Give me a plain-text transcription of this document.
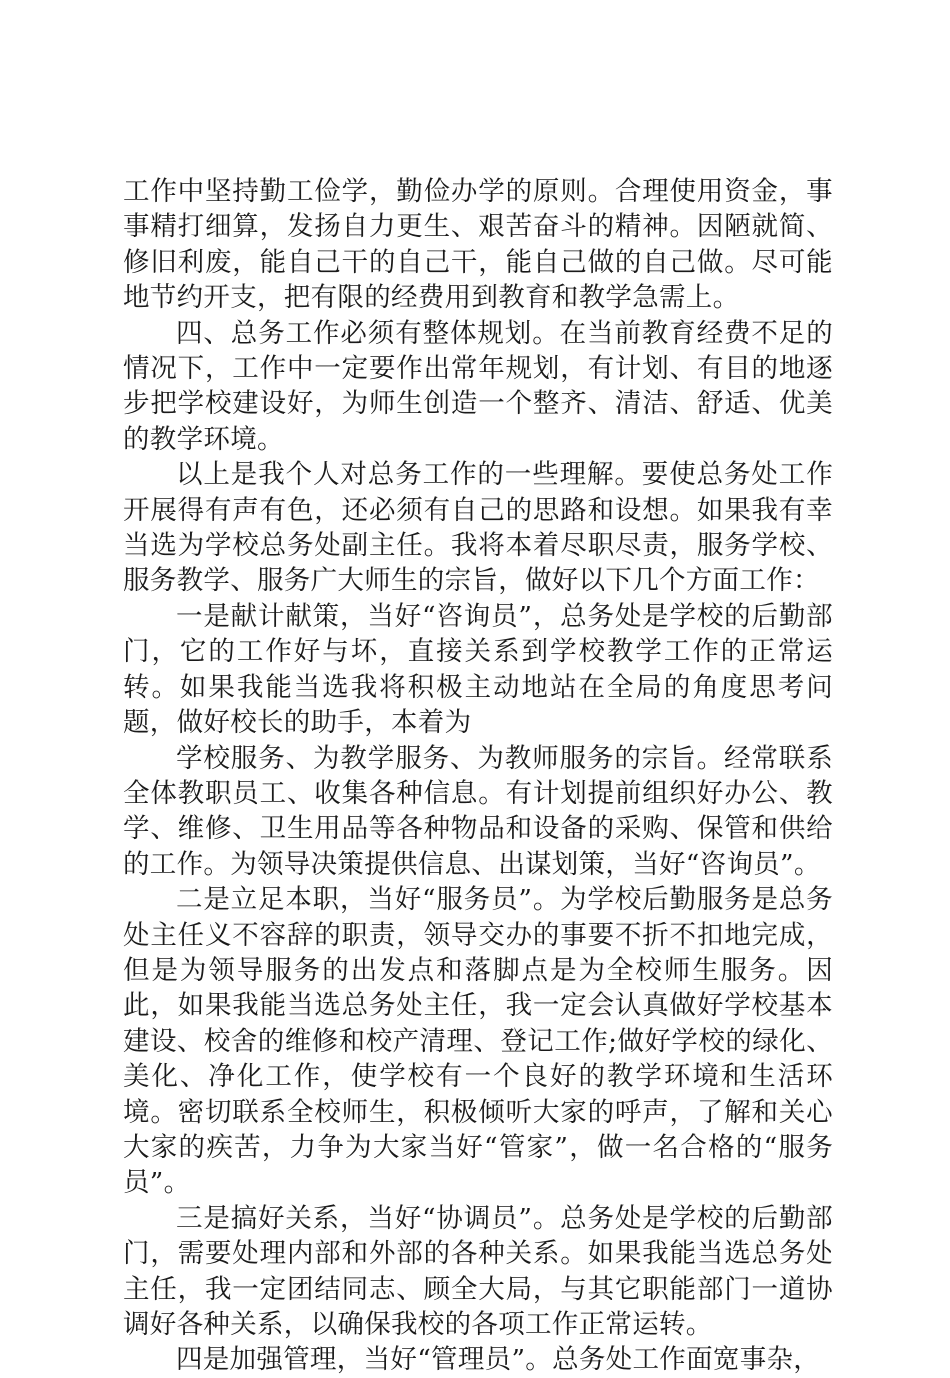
工作中坚持勤工俭学，勤俭办学的原则。合理使用资金，事事精打细算，发扬自力更生、艰苦奋斗的精神。因陋就简、修旧利废，能自己干的自己干，能自己做的自己做。尽可能地节约开支，把有限的经费用到教育和教学急需上。

四、总务工作必须有整体规划。在当前教育经费不足的情况下，工作中一定要作出常年规划，有计划、有目的地逐步把学校建设好，为师生创造一个整齐、清洁、舒适、优美的教学环境。

以上是我个人对总务工作的一些理解。要使总务处工作开展得有声有色，还必须有自己的思路和设想。如果我有幸当选为学校总务处副主任。我将本着尽职尽责，服务学校、服务教学、服务广大师生的宗旨，做好以下几个方面工作：

一是献计献策，当好“咨询员”，总务处是学校的后勤部门，它的工作好与坏，直接关系到学校教学工作的正常运转。如果我能当选我将积极主动地站在全局的角度思考问题，做好校长的助手，本着为

学校服务、为教学服务、为教师服务的宗旨。经常联系全体教职员工、收集各种信息。有计划提前组织好办公、教学、维修、卫生用品等各种物品和设备的采购、保管和供给的工作。为领导决策提供信息、出谋划策，当好“咨询员”。

二是立足本职，当好“服务员”。为学校后勤服务是总务处主任义不容辞的职责，领导交办的事要不折不扣地完成，但是为领导服务的出发点和落脚点是为全校师生服务。因此，如果我能当选总务处主任，我一定会认真做好学校基本建设、校舍的维修和校产清理、登记工作;做好学校的绿化、美化、净化工作，使学校有一个良好的教学环境和生活环境。密切联系全校师生，积极倾听大家的呼声，了解和关心大家的疾苦，力争为大家当好“管家”，做一名合格的“服务员”。

三是搞好关系，当好“协调员”。总务处是学校的后勤部门，需要处理内部和外部的各种关系。如果我能当选总务处主任，我一定团结同志、顾全大局，与其它职能部门一道协调好各种关系，以确保我校的各项工作正常运转。

四是加强管理，当好“管理员”。总务处工作面宽事杂，
